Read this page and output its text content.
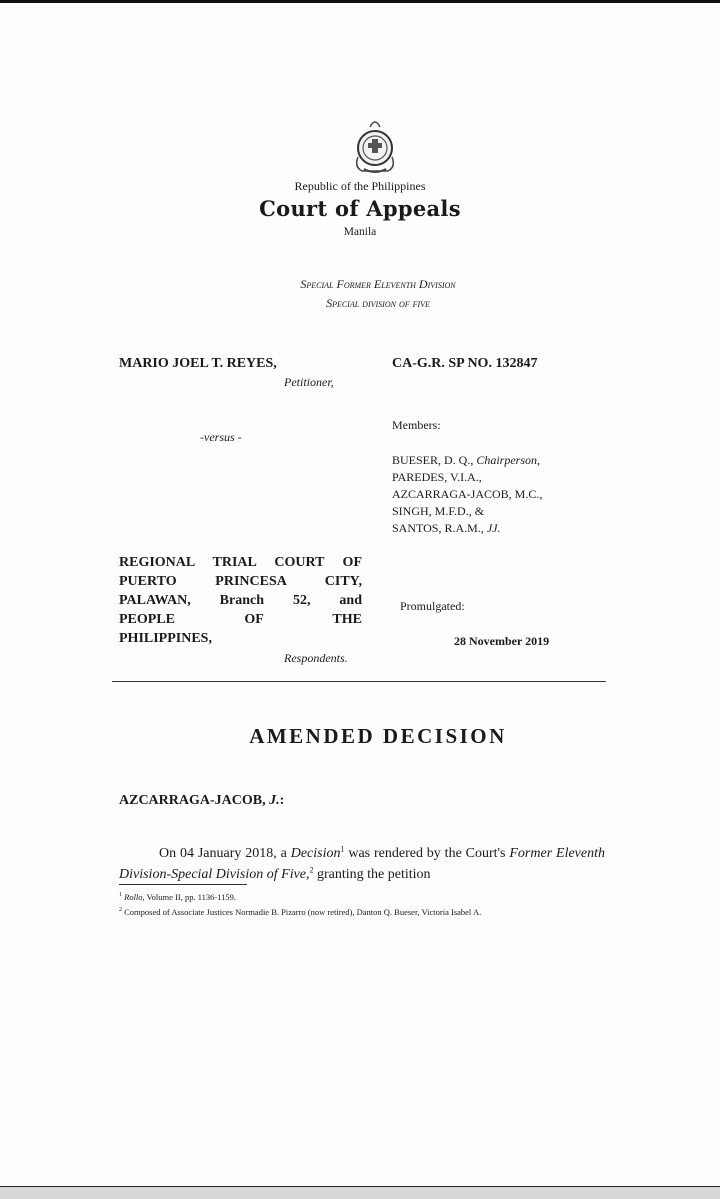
Republic of the Philippines
Court of Appeals
Manila
Special Former Eleventh Division
Special division of five
MARIO JOEL T. REYES,
Petitioner,
CA-G.R. SP NO. 132847
Members:
-versus -
BUESER, D. Q., Chairperson,
PAREDES, V.I.A.,
AZCARRAGA-JACOB, M.C.,
SINGH, M.F.D., &
SANTOS, R.A.M., JJ.
REGIONAL TRIAL COURT OF
PUERTO PRINCESA CITY,
PALAWAN, Branch 52, and
PEOPLE OF THE
PHILIPPINES,
Respondents.
Promulgated:
28 November 2019
AMENDED DECISION
AZCARRAGA-JACOB, J.:
On 04 January 2018, a Decision$^1$ was rendered by the Court's Former Eleventh Division-Special Division of Five,$^2$ granting the petition
$^1$ Rollo, Volume II, pp. 1136-1159.
$^2$ Composed of Associate Justices Normadie B. Pizarro (now retired), Danton Q. Bueser, Victoria Isabel A.
